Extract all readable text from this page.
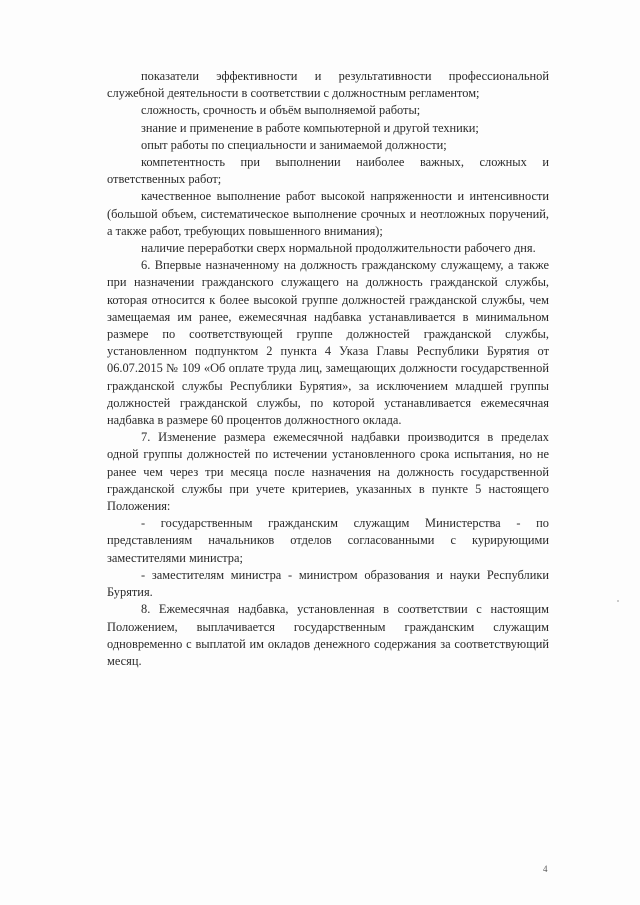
показатели эффективности и результативности профессиональной служебной деятельности в соответствии с должностным регламентом;

сложность, срочность и объём выполняемой работы;

знание и применение в работе компьютерной и другой техники;

опыт работы по специальности и занимаемой должности;

компетентность при выполнении наиболее важных, сложных и ответственных работ;

качественное выполнение работ высокой напряженности и интенсивности (большой объем, систематическое выполнение срочных и неотложных поручений, а также работ, требующих повышенного внимания);

наличие переработки сверх нормальной продолжительности рабочего дня.

6. Впервые назначенному на должность гражданскому служащему, а также при назначении гражданского служащего на должность гражданской службы, которая относится к более высокой группе должностей гражданской службы, чем замещаемая им ранее, ежемесячная надбавка устанавливается в минимальном размере по соответствующей группе должностей гражданской службы, установленном подпунктом 2 пункта 4 Указа Главы Республики Бурятия от 06.07.2015 № 109 «Об оплате труда лиц, замещающих должности государственной гражданской службы Республики Бурятия», за исключением младшей группы должностей гражданской службы, по которой устанавливается ежемесячная надбавка в размере 60 процентов должностного оклада.

7. Изменение размера ежемесячной надбавки производится в пределах одной группы должностей по истечении установленного срока испытания, но не ранее чем через три месяца после назначения на должность государственной гражданской службы при учете критериев, указанных в пункте 5 настоящего Положения:

- государственным гражданским служащим Министерства - по представлениям начальников отделов согласованными с курирующими заместителями министра;

- заместителям министра - министром образования и науки Республики Бурятия.

8. Ежемесячная надбавка, установленная в соответствии с настоящим Положением, выплачивается государственным гражданским служащим одновременно с выплатой им окладов денежного содержания за соответствующий месяц.

4
